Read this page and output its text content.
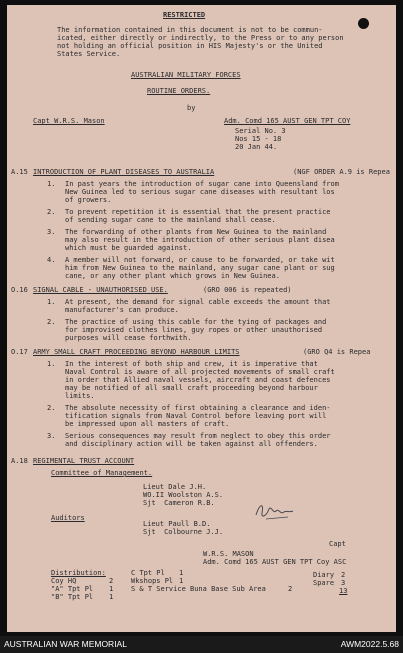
RESTRICTED
The information contained in this document is not to be commun-
icated, either directly or indirectly, to the Press or to any person
not holding an official position in HIS Majesty's or the United
States Service.
AUSTRALIAN MILITARY FORCES
ROUTINE ORDERS.
by
Capt W.R.S. Mason	Adm. Comd 165 AUST GEN TPT COY
Serial No. 3
Nos 15 - 18
20 Jan 44.
A.15 INTRODUCTION OF PLANT DISEASES TO AUSTRALIA	(NGF ORDER A.9 is Repea
1. In past years the introduction of sugar cane into Queensland from
New Guinea led to serious sugar cane diseases with resultant los
of growers.
2. To prevent repetition it is essential that the present practice
of sending sugar cane to the mainland shall cease.
3. The forwarding of other plants from New Guinea to the mainland
may also result in the introduction of other serious plant disea
which must be guarded against.
4. A member will not forward, or cause to be forwarded, or take wit
him from New Guinea to the mainland, any sugar cane plant or sug
cane, or any other plant which grows in New Guinea.
O.16 SIGNAL CABLE - UNAUTHORISED USE.	(GRO 006 is repeated)
1. At present, the demand for signal cable exceeds the amount that
manufacturer's can produce.
2. The practice of using this cable for the tying of packages and
for improvised clothes lines, guy ropes or other unauthorised
purposes will cease forthwith.
O.17 ARMY SMALL CRAFT PROCEEDING BEYOND HARBOUR LIMITS	(GRO Q4 is Repea
1. In the interest of both ship and crew, it is imperative that
Naval Control is aware of all projected movements of small craft
in order that Allied naval vessels, aircraft and coast defences
may be notified of all small craft proceeding beyond harbour
limits.
2. The absolute necessity of first obtaining a clearance and iden-
tification signals from Naval Control before leaving port will
be impressed upon all masters of craft.
3. Serious consequences may result from neglect to obey this order
and disciplinary action will be taken against all offenders.
A.18 REGIMENTAL TRUST ACCOUNT
Committee of Management.
Lieut Dale J.H.
WO.II Woolston A.S.
Sjt  Cameron R.B.
Auditors
Lieut Paull B.D.
Sjt  Colbourne J.J.
Capt
W.R.S. MASON
Adm. Comd 165 AUST GEN TPT Coy ASC
Distribution:
Coy HQ	2
"A" Tpt Pl 1
"B" Tpt Pl 1
C Tpt Pl 1
Wkshops Pl 1
S & T Service Buna Base Sub Area	2
Diary 2
Spare 3
13
AUSTRALIAN WAR MEMORIAL	AWM2022.5.68
